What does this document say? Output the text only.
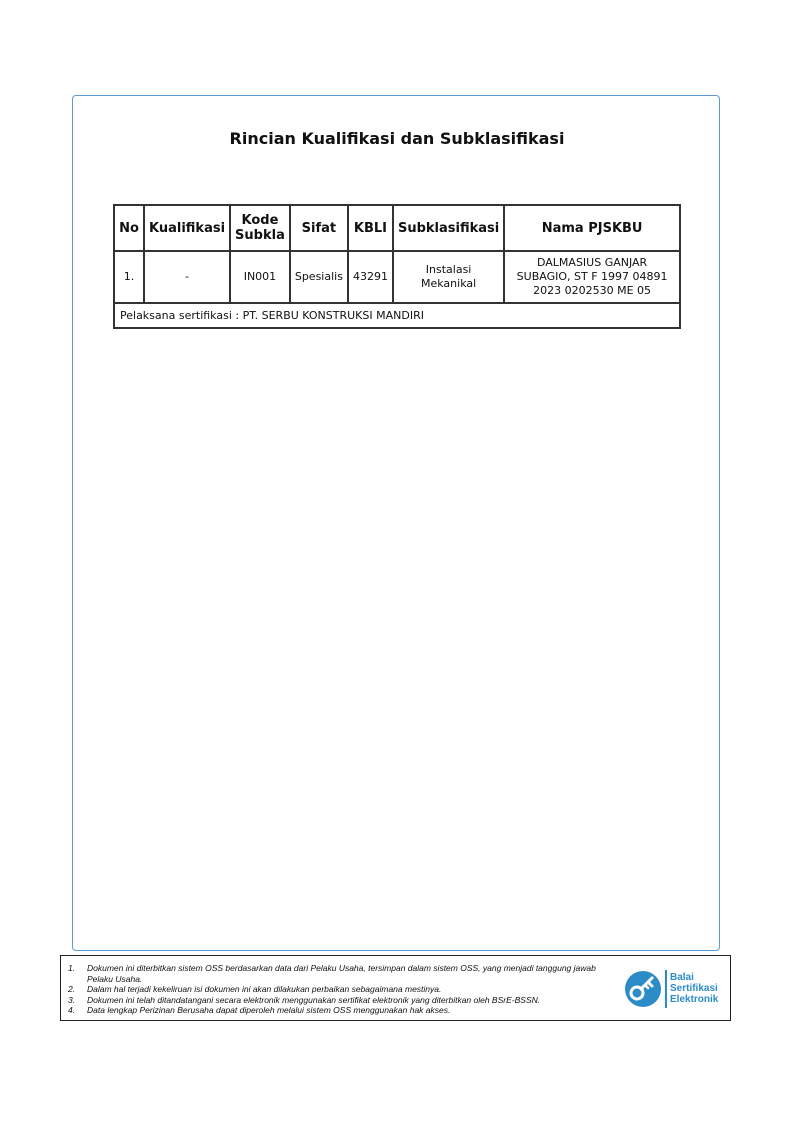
Rincian Kualifikasi dan Subklasifikasi
No	Kualifikasi	Kode Subkla	Sifat	KBLI	Subklasifikasi	Nama PJSKBU
1.	-	IN001	Spesialis	43291	Instalasi Mekanikal	DALMASIUS GANJAR SUBAGIO, ST F 1997 04891 2023 0202530 ME 05
Pelaksana sertifikasi : PT. SERBU KONSTRUKSI MANDIRI						
1.	Dokumen ini diterbitkan sistem OSS berdasarkan data dari Pelaku Usaha, tersimpan dalam sistem OSS, yang menjadi tanggung jawab Pelaku Usaha.
2.	Dalam hal terjadi kekeliruan isi dokumen ini akan dilakukan perbaikan sebagaimana mestinya.
3.	Dokumen ini telah ditandatangani secara elektronik menggunakan sertifikat elektronik yang diterbitkan oleh BSrE-BSSN.
4.	Data lengkap Perizinan Berusaha dapat diperoleh melalui sistem OSS menggunakan hak akses.
Balai
Sertifikasi
Elektronik
